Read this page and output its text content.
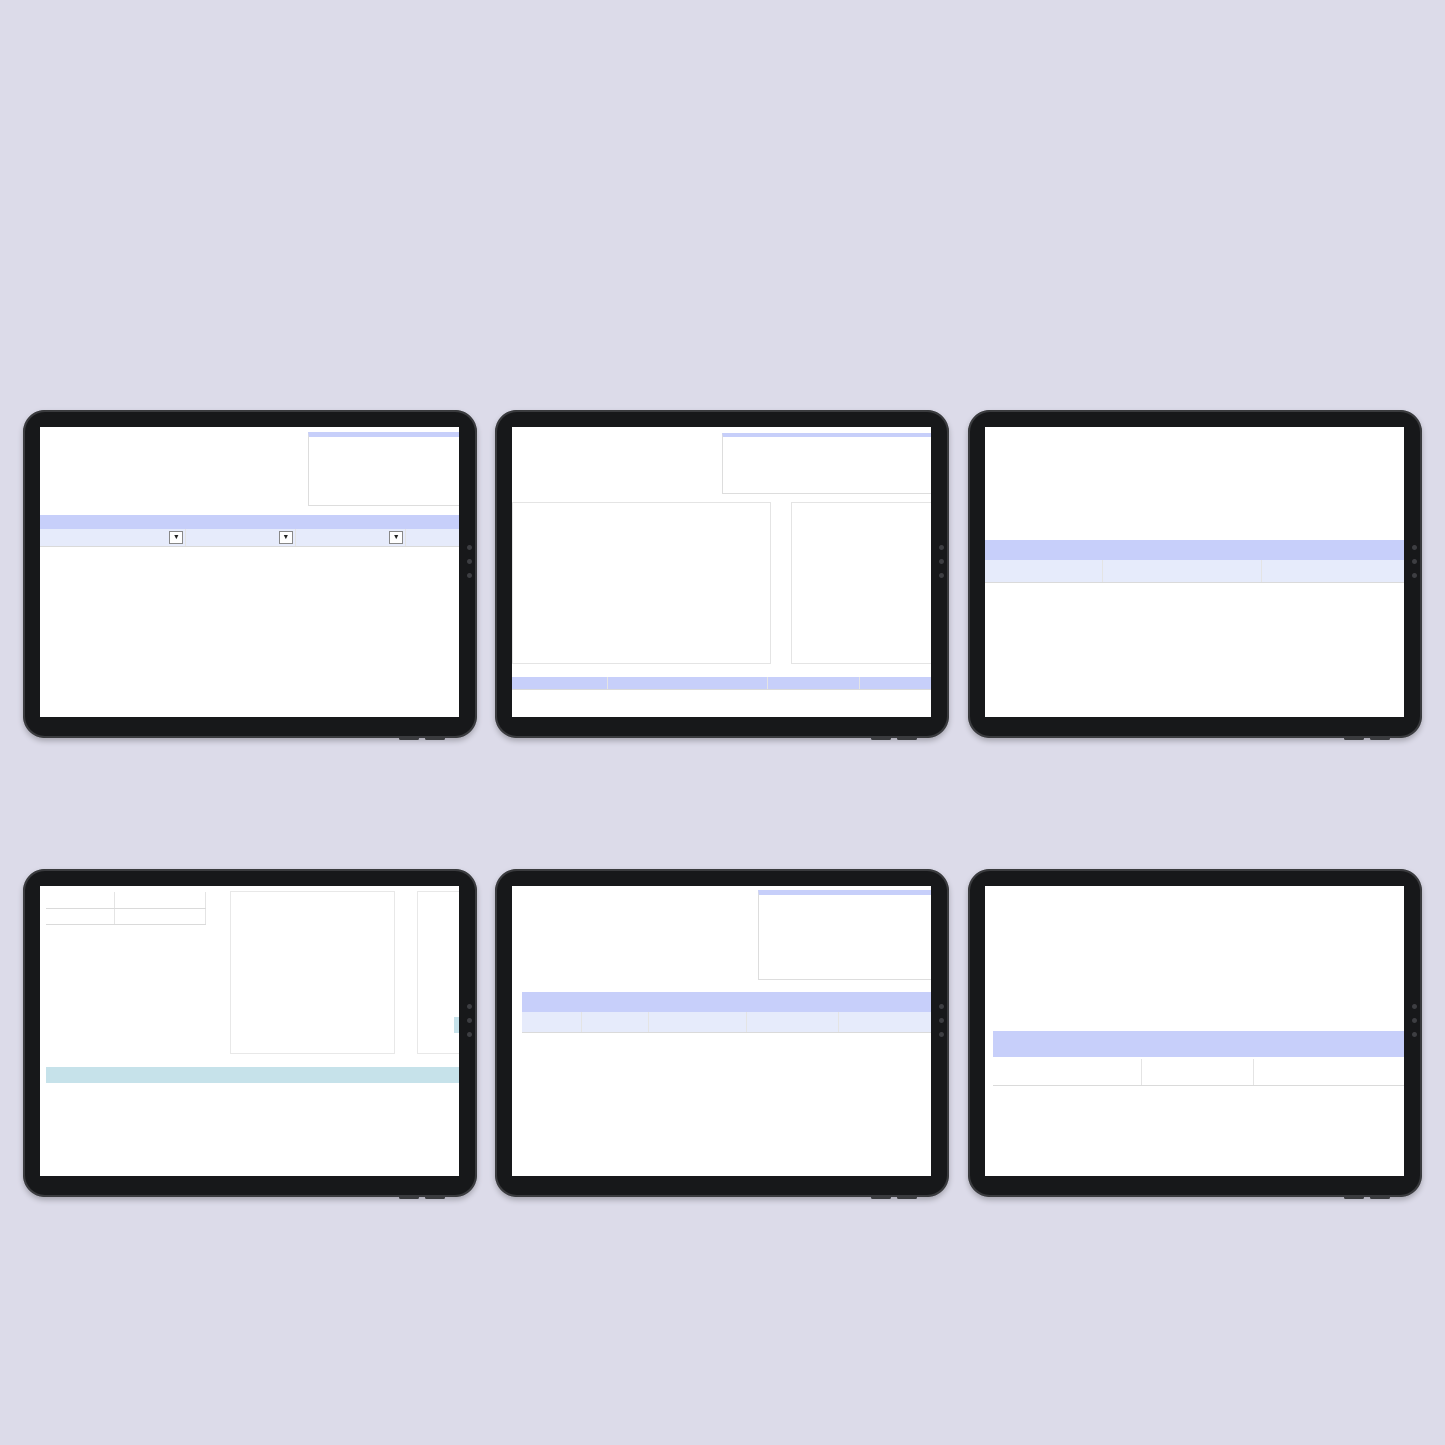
▼	▼	▼
